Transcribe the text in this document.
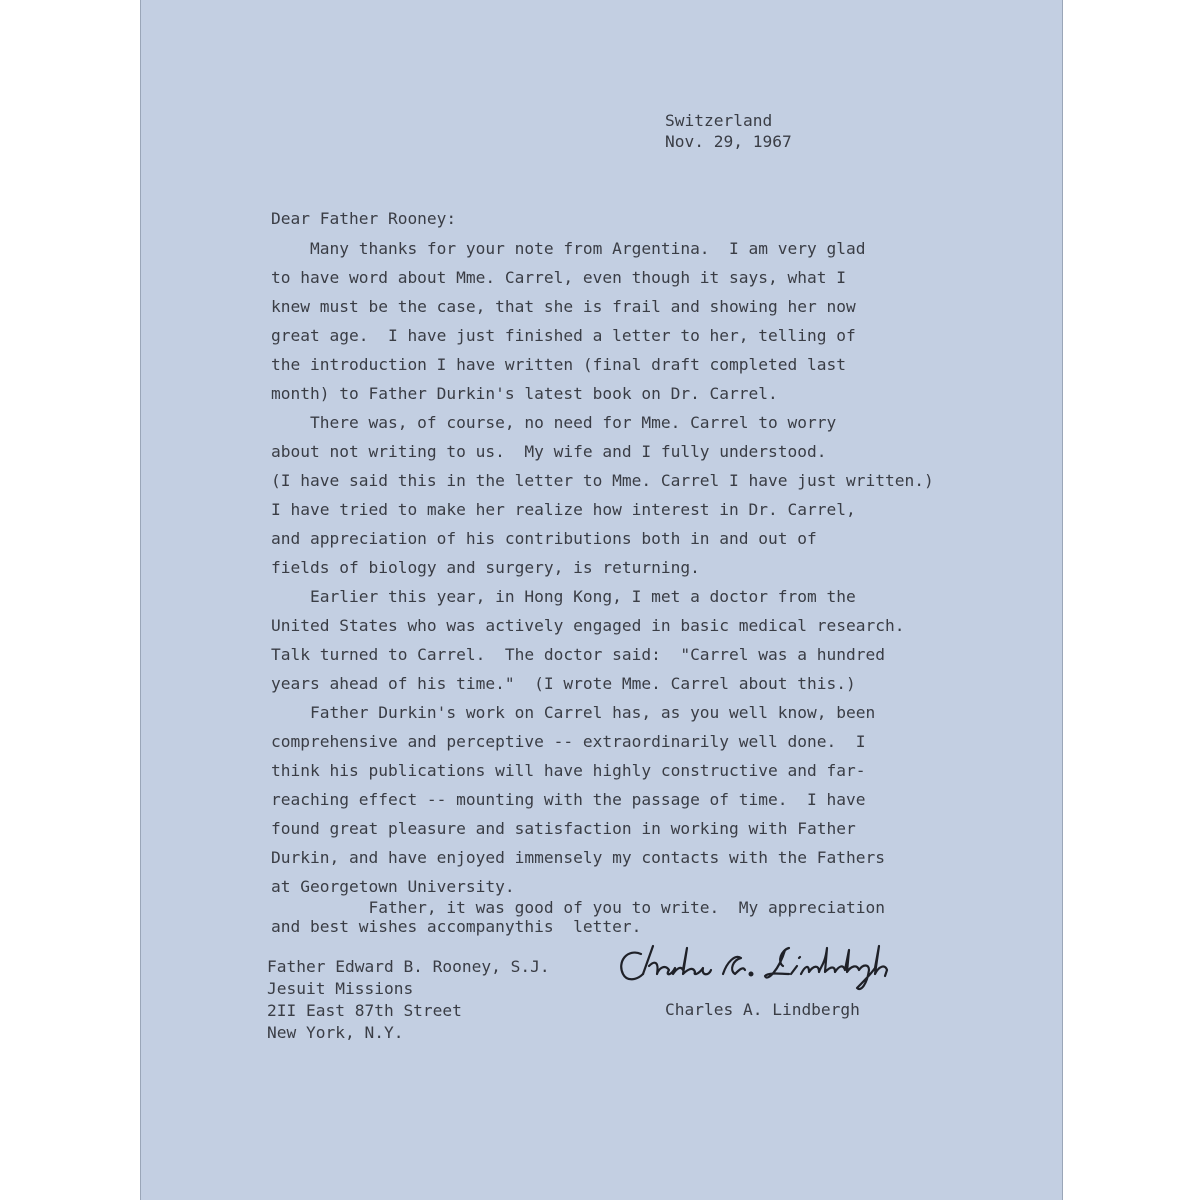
Switzerland
Nov. 29, 1967
Dear Father Rooney:
Many thanks for your note from Argentina.  I am very glad
to have word about Mme. Carrel, even though it says, what I
knew must be the case, that she is frail and showing her now
great age.  I have just finished a letter to her, telling of
the introduction I have written (final draft completed last
month) to Father Durkin's latest book on Dr. Carrel.
There was, of course, no need for Mme. Carrel to worry
about not writing to us.  My wife and I fully understood.
(I have said this in the letter to Mme. Carrel I have just written.)
I have tried to make her realize how interest in Dr. Carrel,
and appreciation of his contributions both in and out of
fields of biology and surgery, is returning.
Earlier this year, in Hong Kong, I met a doctor from the
United States who was actively engaged in basic medical research.
Talk turned to Carrel.  The doctor said:  "Carrel was a hundred
years ahead of his time."  (I wrote Mme. Carrel about this.)
Father Durkin's work on Carrel has, as you well know, been
comprehensive and perceptive -- extraordinarily well done.  I
think his publications will have highly constructive and far-
reaching effect -- mounting with the passage of time.  I have
found great pleasure and satisfaction in working with Father
Durkin, and have enjoyed immensely my contacts with the Fathers
at Georgetown University.
Father, it was good of you to write.  My appreciation
and best wishes accompanythis  letter.
Father Edward B. Rooney, S.J.
Jesuit Missions
2II East 87th Street
New York, N.Y.
Charles A. Lindbergh
